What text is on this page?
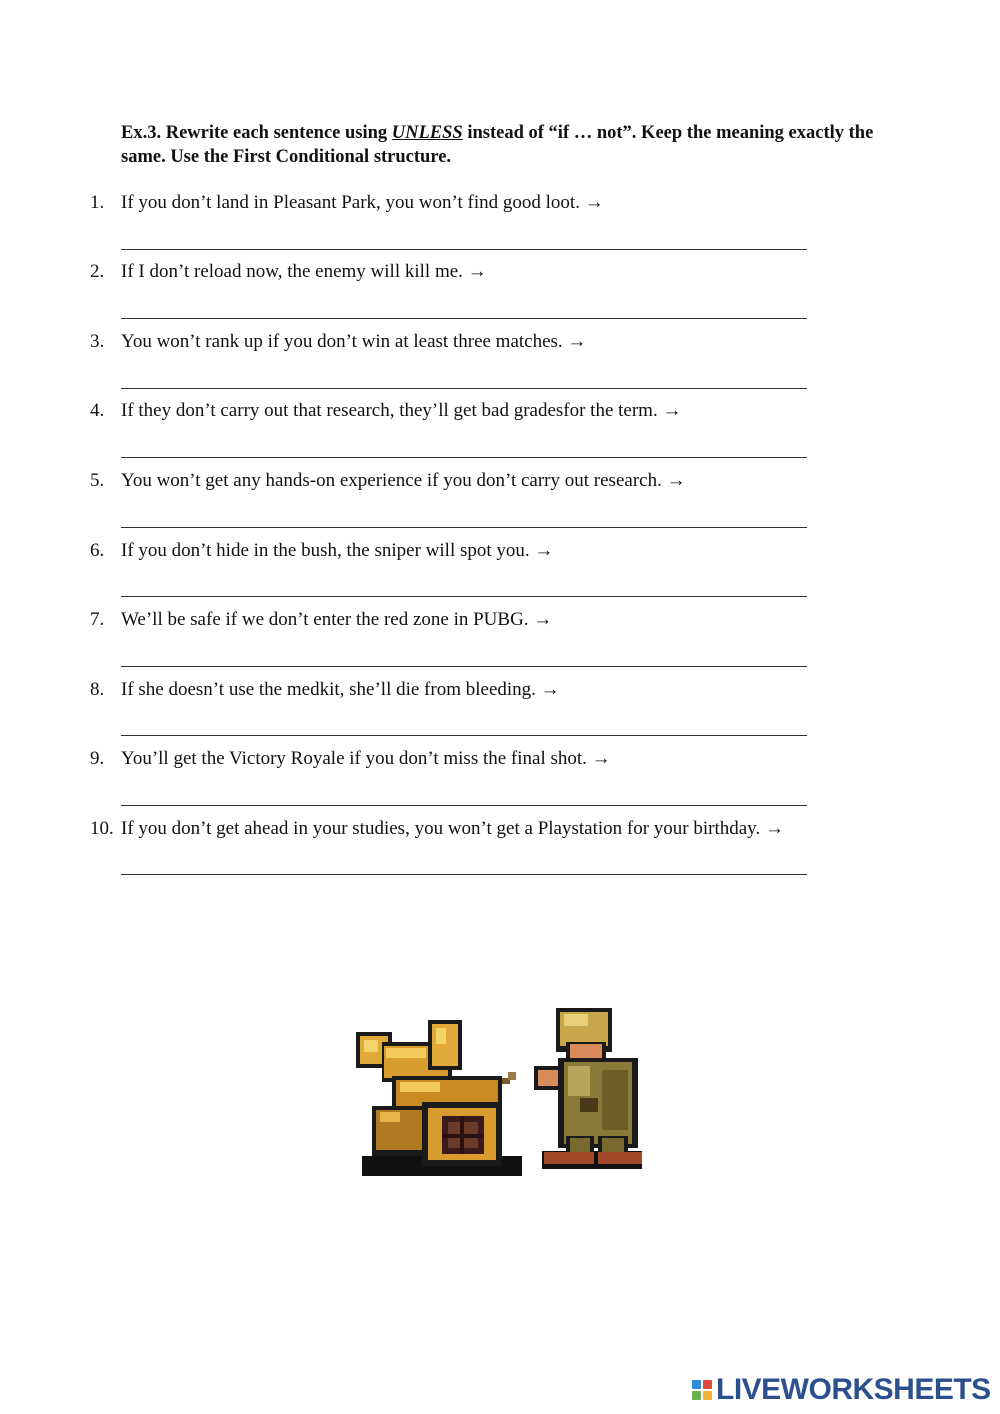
Ex.3. Rewrite each sentence using UNLESS instead of “if … not”. Keep the meaning exactly the same. Use the First Conditional structure.
1. If you don’t land in Pleasant Park, you won’t find good loot. →
2. If I don’t reload now, the enemy will kill me. →
3. You won’t rank up if you don’t win at least three matches. →
4. If they don’t carry out that research, they’ll get bad gradesfor the term. →
5. You won’t get any hands-on experience if you don’t carry out research. →
6. If you don’t hide in the bush, the sniper will spot you. →
7. We’ll be safe if we don’t enter the red zone in PUBG. →
8. If she doesn’t use the medkit, she’ll die from bleeding. →
9. You’ll get the Victory Royale if you don’t miss the final shot. →
10. If you don’t get ahead in your studies, you won’t get a Playstation for your birthday. →
LIVEWORKSHEETS
